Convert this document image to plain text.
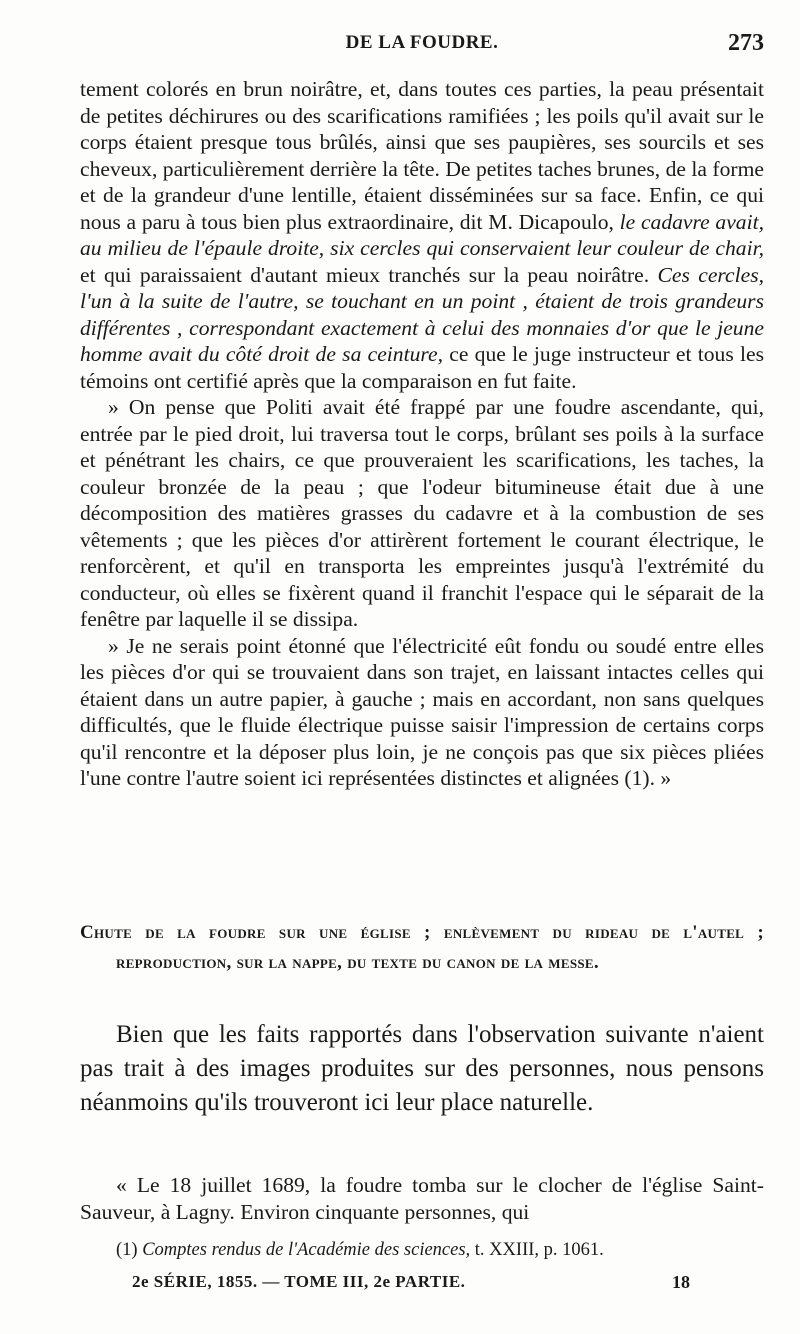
DE LA FOUDRE.	273

tement colorés en brun noirâtre, et, dans toutes ces parties, la peau présentait de petites déchirures ou des scarifications ramifiées ; les poils qu'il avait sur le corps étaient presque tous brûlés, ainsi que ses paupières, ses sourcils et ses cheveux, particulièrement derrière la tête. De petites taches brunes, de la forme et de la grandeur d'une lentille, étaient disséminées sur sa face. Enfin, ce qui nous a paru à tous bien plus extraordinaire, dit M. Dicapoulo, le cadavre avait, au milieu de l'épaule droite, six cercles qui conservaient leur couleur de chair, et qui paraissaient d'autant mieux tranchés sur la peau noirâtre. Ces cercles, l'un à la suite de l'autre, se touchant en un point , étaient de trois grandeurs différentes , correspondant exactement à celui des monnaies d'or que le jeune homme avait du côté droit de sa ceinture, ce que le juge instructeur et tous les témoins ont certifié après que la comparaison en fut faite.

» On pense que Politi avait été frappé par une foudre ascendante, qui, entrée par le pied droit, lui traversa tout le corps, brûlant ses poils à la surface et pénétrant les chairs, ce que prouveraient les scarifications, les taches, la couleur bronzée de la peau ; que l'odeur bitumineuse était due à une décomposition des matières grasses du cadavre et à la combustion de ses vêtements ; que les pièces d'or attirèrent fortement le courant électrique, le renforcèrent, et qu'il en transporta les empreintes jusqu'à l'extrémité du conducteur, où elles se fixèrent quand il franchit l'espace qui le séparait de la fenêtre par laquelle il se dissipa.

» Je ne serais point étonné que l'électricité eût fondu ou soudé entre elles les pièces d'or qui se trouvaient dans son trajet, en laissant intactes celles qui étaient dans un autre papier, à gauche ; mais en accordant, non sans quelques difficultés, que le fluide électrique puisse saisir l'impression de certains corps qu'il rencontre et la déposer plus loin, je ne conçois pas que six pièces pliées l'une contre l'autre soient ici représentées distinctes et alignées (1). »

Chute de la foudre sur une église ; enlèvement du rideau de l'autel ; reproduction, sur la nappe, du texte du canon de la messe.

Bien que les faits rapportés dans l'observation suivante n'aient pas trait à des images produites sur des personnes, nous pensons néanmoins qu'ils trouveront ici leur place naturelle.

« Le 18 juillet 1689, la foudre tomba sur le clocher de l'église Saint-Sauveur, à Lagny. Environ cinquante personnes, qui

(1) Comptes rendus de l'Académie des sciences, t. XXIII, p. 1061.
2e SÉRIE, 1855. — TOME III, 2e PARTIE.	18
